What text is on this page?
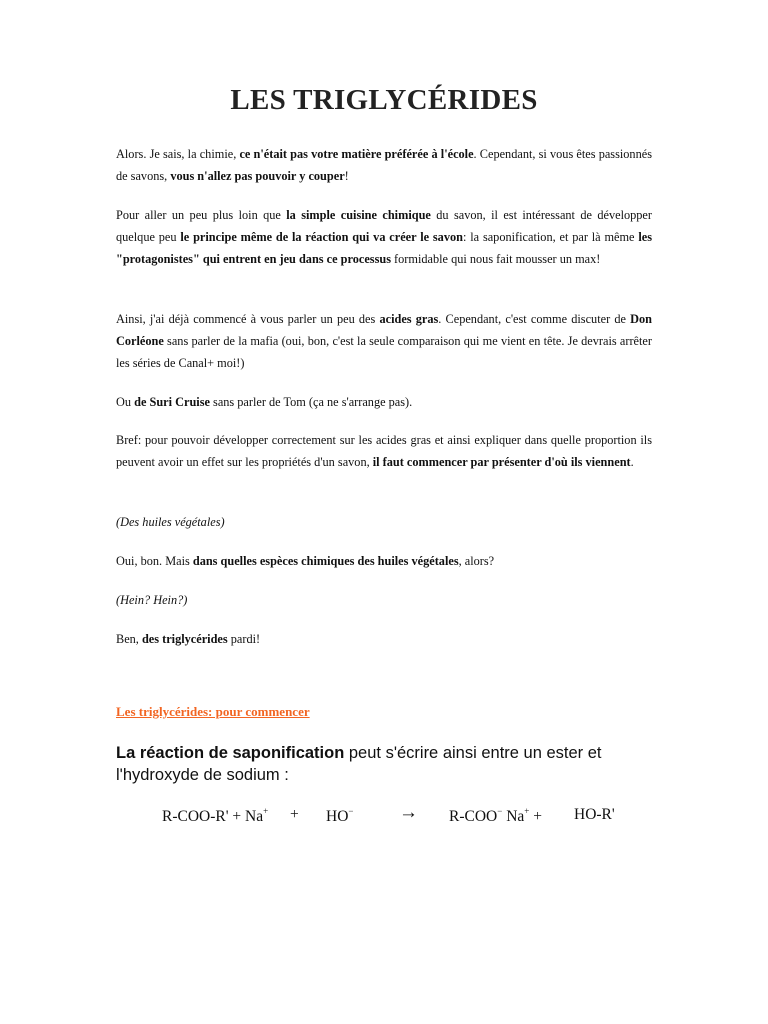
LES TRIGLYCÉRIDES

Alors. Je sais, la chimie, ce n'était pas votre matière préférée à l'école. Cependant, si vous êtes passionnés de savons, vous n'allez pas pouvoir y couper!

Pour aller un peu plus loin que la simple cuisine chimique du savon, il est intéressant de développer quelque peu le principe même de la réaction qui va créer le savon: la saponification, et par là même les "protagonistes" qui entrent en jeu dans ce processus formidable qui nous fait mousser un max!

Ainsi, j'ai déjà commencé à vous parler un peu des acides gras. Cependant, c'est comme discuter de Don Corléone sans parler de la mafia (oui, bon, c'est la seule comparaison qui me vient en tête. Je devrais arrêter les séries de Canal+ moi!)

Ou de Suri Cruise sans parler de Tom (ça ne s'arrange pas).

Bref: pour pouvoir développer correctement sur les acides gras et ainsi expliquer dans quelle proportion ils peuvent avoir un effet sur les propriétés d'un savon, il faut commencer par présenter d'où ils viennent.

(Des huiles végétales)

Oui, bon. Mais dans quelles espèces chimiques des huiles végétales, alors?

(Hein? Hein?)

Ben, des triglycérides pardi!

Les triglycérides: pour commencer
La réaction de saponification peut s'écrire ainsi entre un ester et l'hydroxyde de sodium :
R-COO-R' + Na+ + HO− → R-COO− Na+ + HO-R'
